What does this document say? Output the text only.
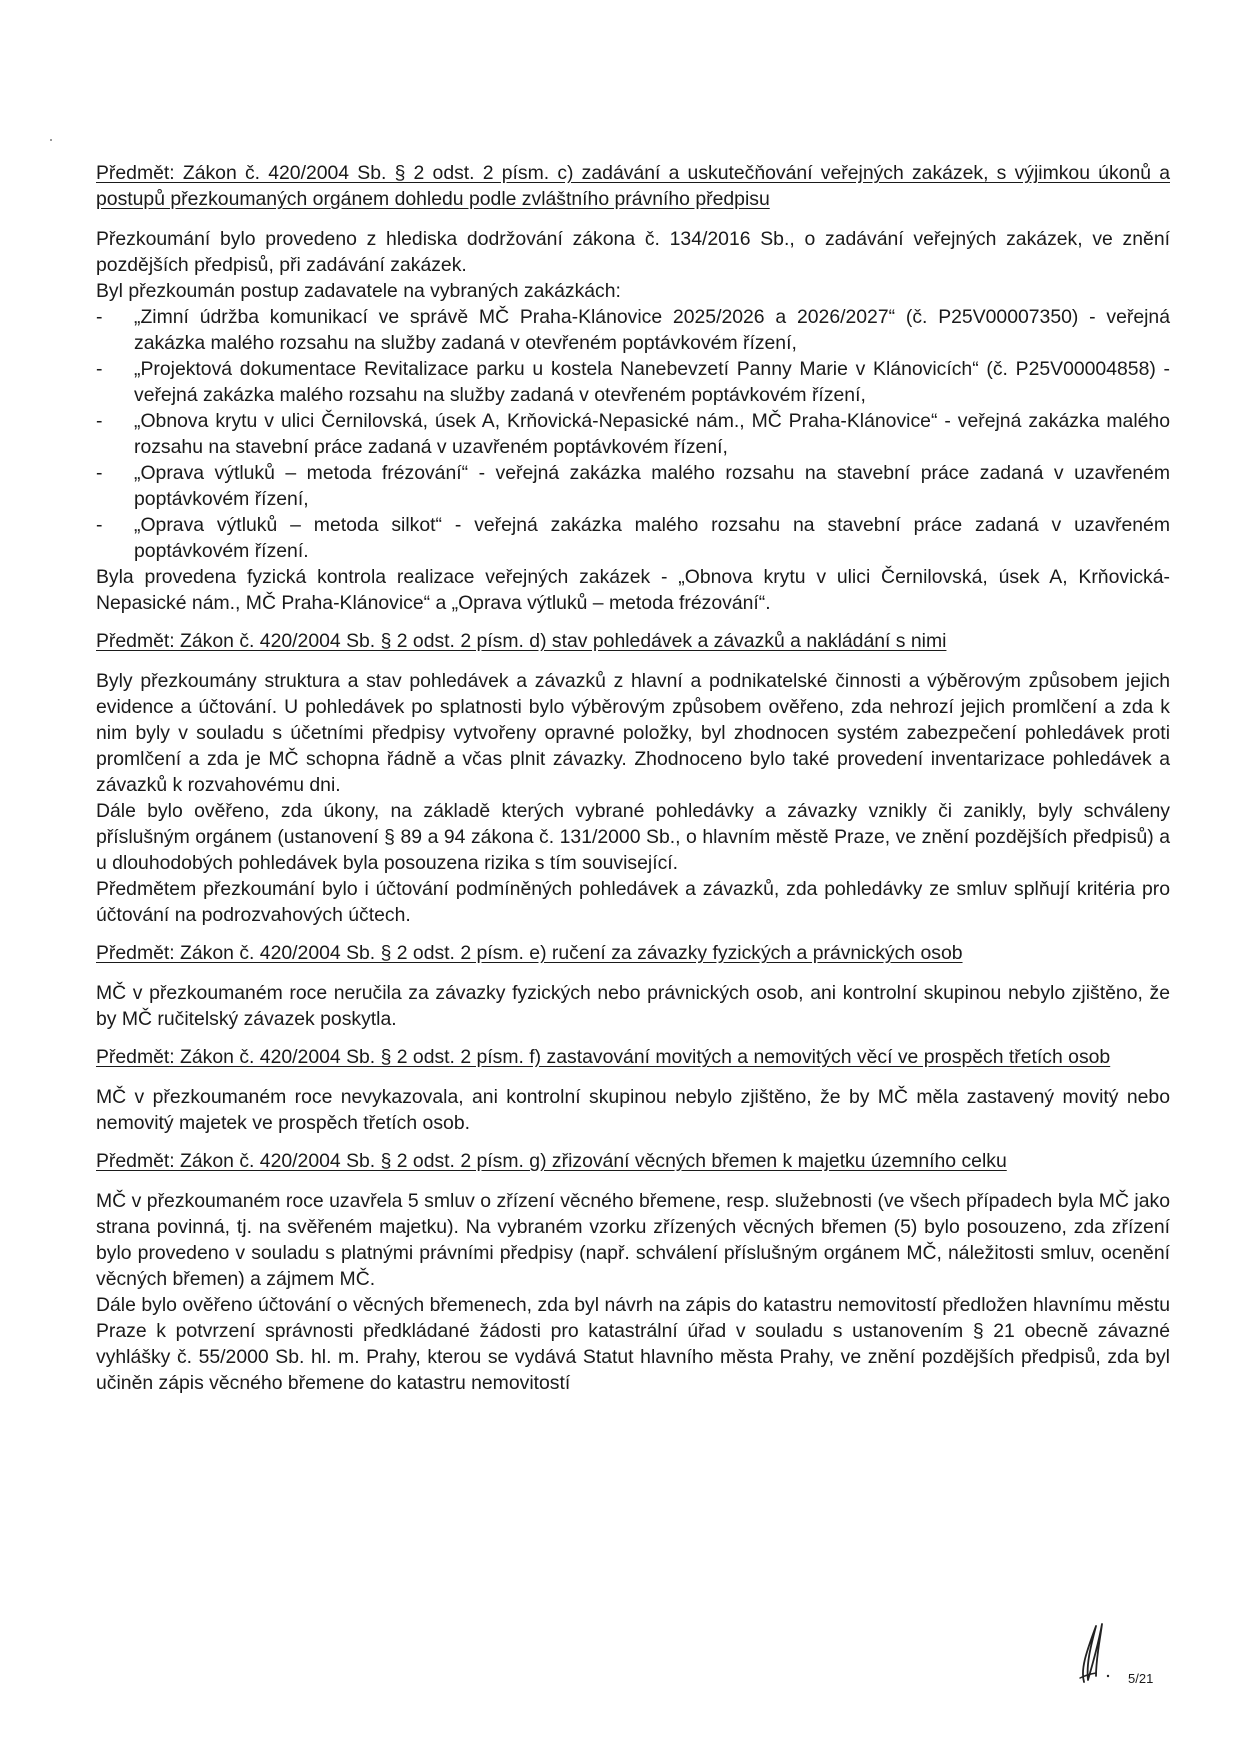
Předmět: Zákon č. 420/2004 Sb. § 2 odst. 2 písm. c) zadávání a uskutečňování veřejných zakázek, s výjimkou úkonů a postupů přezkoumaných orgánem dohledu podle zvláštního právního předpisu

Přezkoumání bylo provedeno z hlediska dodržování zákona č. 134/2016 Sb., o zadávání veřejných zakázek, ve znění pozdějších předpisů, při zadávání zakázek.

Byl přezkoumán postup zadavatele na vybraných zakázkách:

- „Zimní údržba komunikací ve správě MČ Praha-Klánovice 2025/2026 a 2026/2027“ (č. P25V00007350) - veřejná zakázka malého rozsahu na služby zadaná v otevřeném poptávkovém řízení,
- „Projektová dokumentace Revitalizace parku u kostela Nanebevzetí Panny Marie v Klánovicích“ (č. P25V00004858) - veřejná zakázka malého rozsahu na služby zadaná v otevřeném poptávkovém řízení,
- „Obnova krytu v ulici Černilovská, úsek A, Krňovická-Nepasické nám., MČ Praha-Klánovice“ - veřejná zakázka malého rozsahu na stavební práce zadaná v uzavřeném poptávkovém řízení,
- „Oprava výtluků – metoda frézování“ - veřejná zakázka malého rozsahu na stavební práce zadaná v uzavřeném poptávkovém řízení,
- „Oprava výtluků – metoda silkot“ - veřejná zakázka malého rozsahu na stavební práce zadaná v uzavřeném poptávkovém řízení.

Byla provedena fyzická kontrola realizace veřejných zakázek - „Obnova krytu v ulici Černilovská, úsek A, Krňovická-Nepasické nám., MČ Praha-Klánovice“ a „Oprava výtluků – metoda frézování“.

Předmět: Zákon č. 420/2004 Sb. § 2 odst. 2 písm. d) stav pohledávek a závazků a nakládání s nimi

Byly přezkoumány struktura a stav pohledávek a závazků z hlavní a podnikatelské činnosti a výběrovým způsobem jejich evidence a účtování. U pohledávek po splatnosti bylo výběrovým způsobem ověřeno, zda nehrozí jejich promlčení a zda k nim byly v souladu s účetními předpisy vytvořeny opravné položky, byl zhodnocen systém zabezpečení pohledávek proti promlčení a zda je MČ schopna řádně a včas plnit závazky. Zhodnoceno bylo také provedení inventarizace pohledávek a závazků k rozvahovému dni.

Dále bylo ověřeno, zda úkony, na základě kterých vybrané pohledávky a závazky vznikly či zanikly, byly schváleny příslušným orgánem (ustanovení § 89 a 94 zákona č. 131/2000 Sb., o hlavním městě Praze, ve znění pozdějších předpisů) a u dlouhodobých pohledávek byla posouzena rizika s tím související.

Předmětem přezkoumání bylo i účtování podmíněných pohledávek a závazků, zda pohledávky ze smluv splňují kritéria pro účtování na podrozvahových účtech.

Předmět: Zákon č. 420/2004 Sb. § 2 odst. 2 písm. e) ručení za závazky fyzických a právnických osob

MČ v přezkoumaném roce neručila za závazky fyzických nebo právnických osob, ani kontrolní skupinou nebylo zjištěno, že by MČ ručitelský závazek poskytla.

Předmět: Zákon č. 420/2004 Sb. § 2 odst. 2 písm. f) zastavování movitých a nemovitých věcí ve prospěch třetích osob

MČ v přezkoumaném roce nevykazovala, ani kontrolní skupinou nebylo zjištěno, že by MČ měla zastavený movitý nebo nemovitý majetek ve prospěch třetích osob.

Předmět: Zákon č. 420/2004 Sb. § 2 odst. 2 písm. g) zřizování věcných břemen k majetku územního celku

MČ v přezkoumaném roce uzavřela 5 smluv o zřízení věcného břemene, resp. služebnosti (ve všech případech byla MČ jako strana povinná, tj. na svěřeném majetku). Na vybraném vzorku zřízených věcných břemen (5) bylo posouzeno, zda zřízení bylo provedeno v souladu s platnými právními předpisy (např. schválení příslušným orgánem MČ, náležitosti smluv, ocenění věcných břemen) a zájmem MČ.

Dále bylo ověřeno účtování o věcných břemenech, zda byl návrh na zápis do katastru nemovitostí předložen hlavnímu městu Praze k potvrzení správnosti předkládané žádosti pro katastrální úřad v souladu s ustanovením § 21 obecně závazné vyhlášky č. 55/2000 Sb. hl. m. Prahy, kterou se vydává Statut hlavního města Prahy, ve znění pozdějších předpisů, zda byl učiněn zápis věcného břemene do katastru nemovitostí

5/21
